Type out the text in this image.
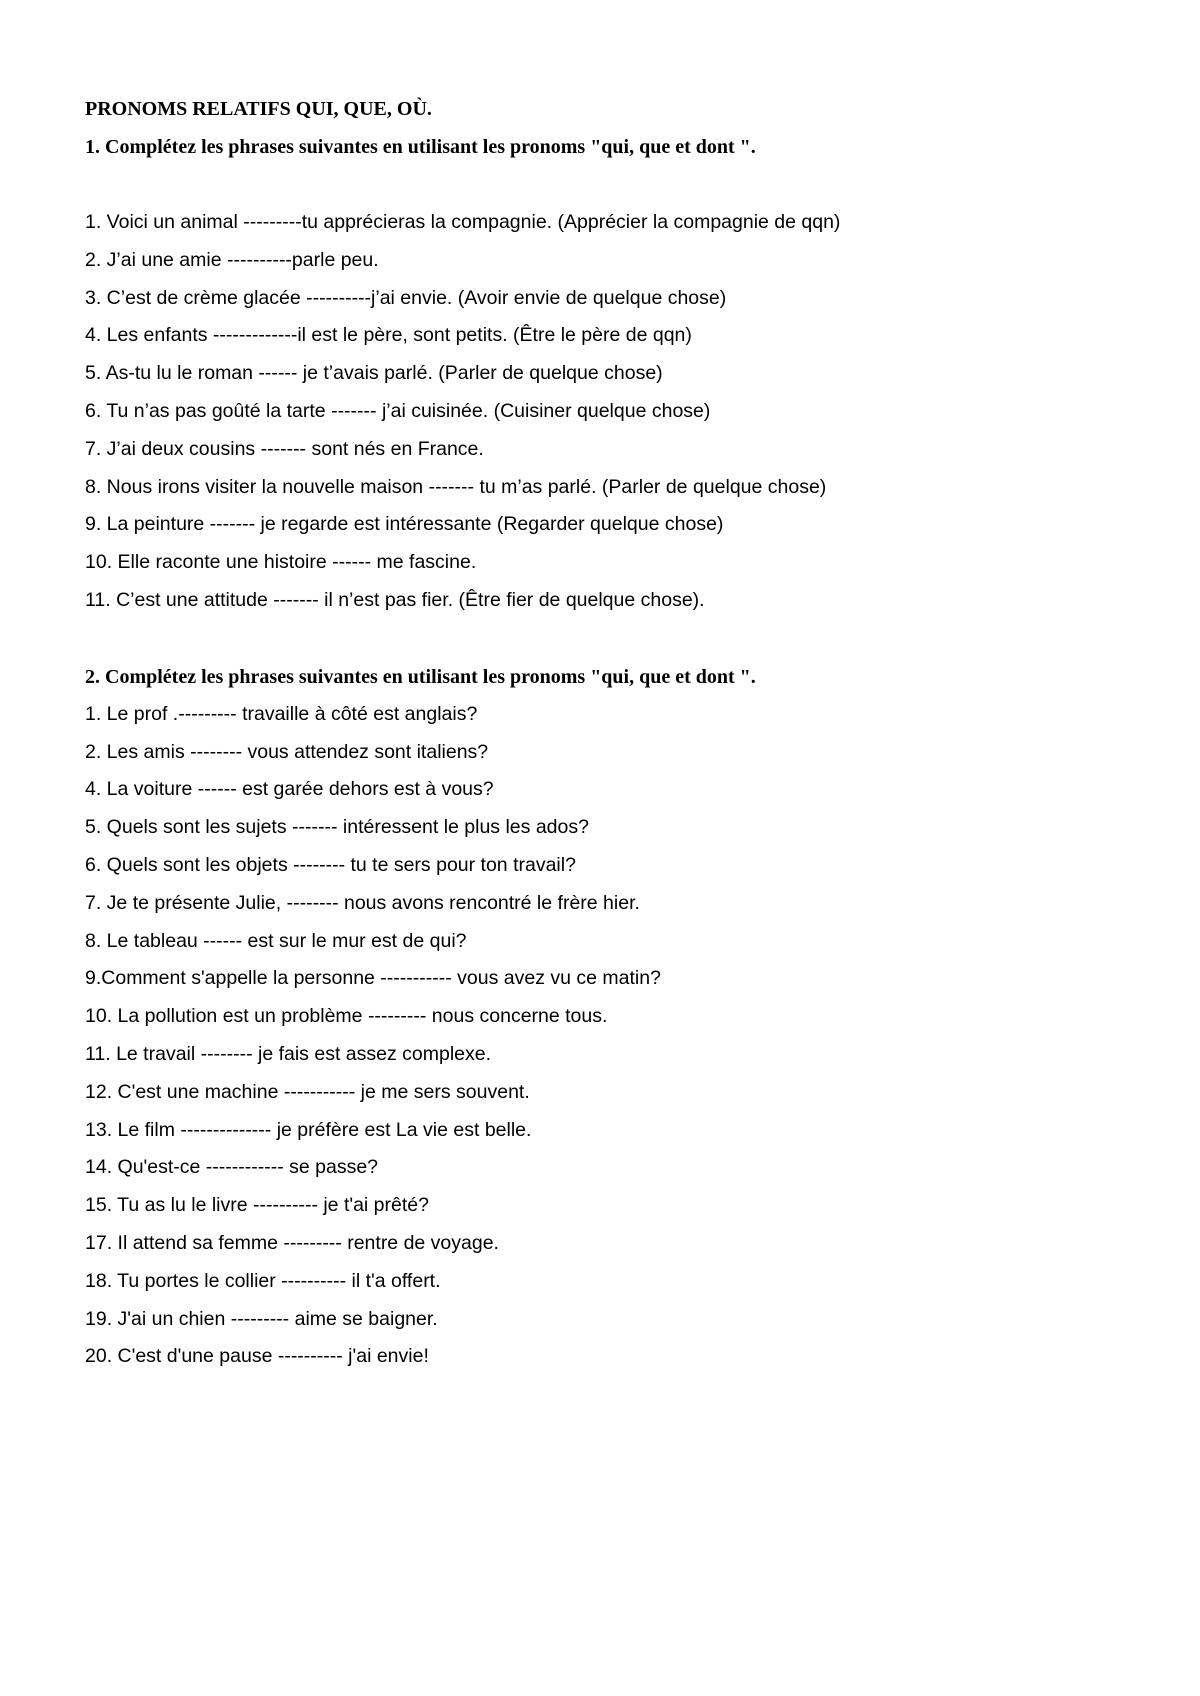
PRONOMS RELATIFS QUI, QUE, OÙ.
1. Complétez les phrases suivantes en utilisant les pronoms "qui, que et dont ".
1. Voici un animal ---------tu apprécieras la compagnie. (Apprécier la compagnie de qqn)
2. J’ai une amie ----------parle peu.
3. C’est de crème glacée ----------j’ai envie. (Avoir envie de quelque chose)
4. Les enfants -------------il est le père, sont petits. (Être le père de qqn)
5. As-tu lu le roman ------ je t’avais parlé. (Parler de quelque chose)
6. Tu n’as pas goûté la tarte ------- j’ai cuisinée. (Cuisiner quelque chose)
7. J’ai deux cousins ------- sont nés en France.
8. Nous irons visiter la nouvelle maison ------- tu m’as parlé. (Parler de quelque chose)
9. La peinture ------- je regarde est intéressante (Regarder quelque chose)
10. Elle raconte une histoire ------ me fascine.
11. C’est une attitude ------- il n’est pas fier. (Être fier de quelque chose).
2. Complétez les phrases suivantes en utilisant les pronoms "qui, que et dont ".
1. Le prof .--------- travaille à côté est anglais?
2. Les amis -------- vous attendez sont italiens?
4. La voiture ------ est garée dehors est à vous?
5. Quels sont les sujets ------- intéressent le plus les ados?
6. Quels sont les objets -------- tu te sers pour ton travail?
7. Je te présente Julie, -------- nous avons rencontré le frère hier.
8. Le tableau ------ est sur le mur est de qui?
9.Comment s'appelle la personne ----------- vous avez vu ce matin?
10. La pollution est un problème --------- nous concerne tous.
11. Le travail -------- je fais est assez complexe.
12. C'est une machine ----------- je me sers souvent.
13. Le film -------------- je préfère est La vie est belle.
14. Qu'est-ce ------------ se passe?
15. Tu as lu le livre ---------- je t'ai prêté?
17. Il attend sa femme --------- rentre de voyage.
18. Tu portes le collier ---------- il t'a offert.
19. J'ai un chien --------- aime se baigner.
20. C'est d'une pause ---------- j'ai envie!
